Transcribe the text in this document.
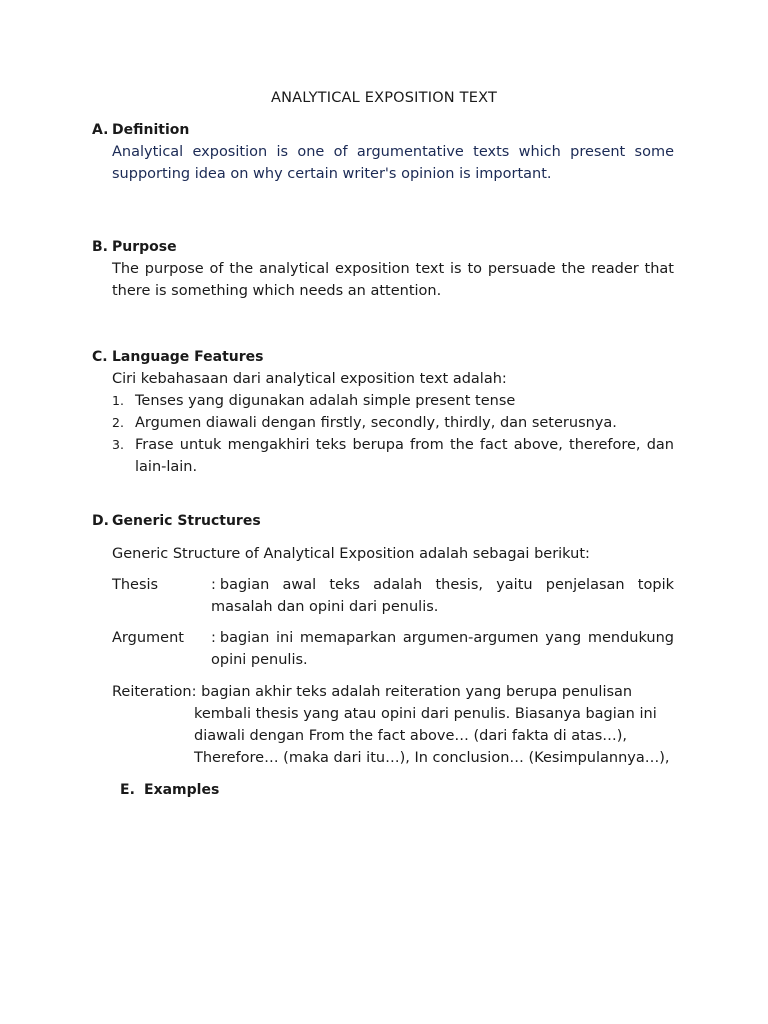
ANALYTICAL EXPOSITION TEXT
A. Definition
Analytical exposition is one of argumentative texts which present some supporting idea on why certain writer's opinion is important.
B. Purpose
The purpose of the analytical exposition text is to persuade the reader that there is something which needs an attention.
C. Language Features
Ciri kebahasaan dari analytical exposition text adalah:
1. Tenses yang digunakan adalah simple present tense
2. Argumen diawali dengan firstly, secondly, thirdly, dan seterusnya.
3. Frase untuk mengakhiri teks berupa from the fact above, therefore, dan lain-lain.
D. Generic Structures
Generic Structure of Analytical Exposition adalah sebagai berikut:
Thesis	: bagian awal teks adalah thesis, yaitu penjelasan topik masalah dan opini dari penulis.
Argument : bagian ini memaparkan argumen-argumen yang mendukung opini penulis.
Reiteration: bagian akhir teks adalah reiteration yang berupa penulisan
kembali thesis yang atau opini dari penulis. Biasanya bagian ini diawali dengan From the fact above… (dari fakta di atas…), Therefore… (maka dari itu…), In conclusion… (Kesimpulannya…),
E. Examples
